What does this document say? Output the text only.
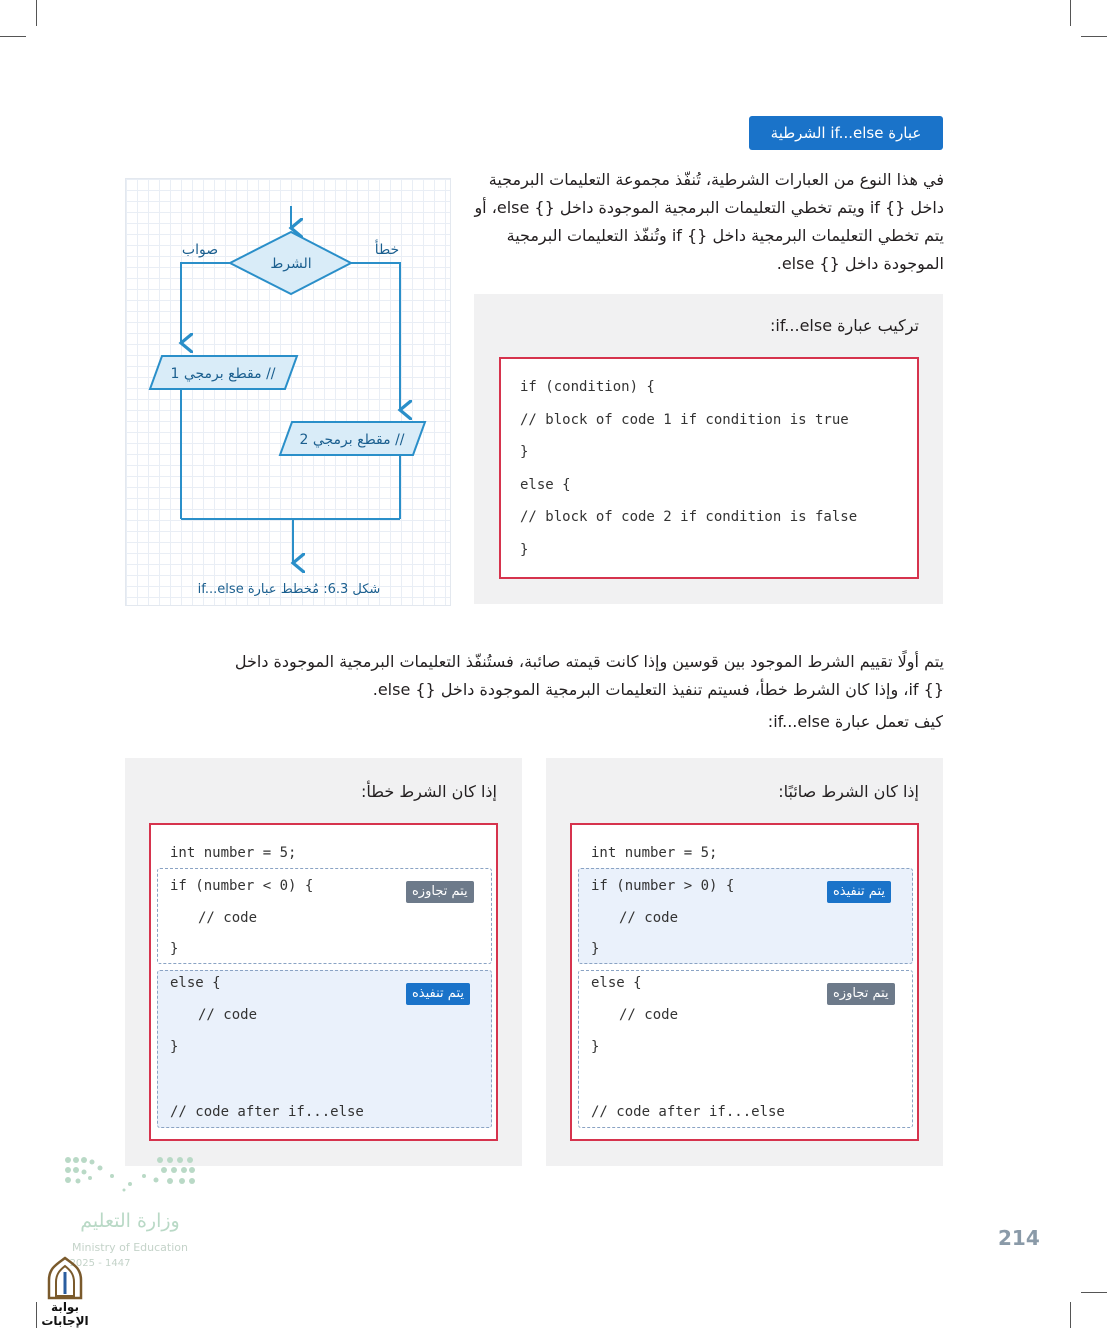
عبارة if...else الشرطية
في هذا النوع من العبارات الشرطية، تُنفّذ مجموعة التعليمات البرمجية
داخل {} if ويتم تخطي التعليمات البرمجية الموجودة داخل {} else، أو
يتم تخطي التعليمات البرمجية داخل {} if وتُنفّذ التعليمات البرمجية
الموجودة داخل {} else.
الشرط
صواب	خطأ
// مقطع برمجي 1
// مقطع برمجي 2
شكل 6.3: مُخطط عبارة if...else
تركيب عبارة if...else:
if (condition) {
// block of code 1 if condition is true
}
else {
// block of code 2 if condition is false
}
يتم أولًا تقييم الشرط الموجود بين قوسين وإذا كانت قيمته صائبة، فستُنفّذ التعليمات البرمجية الموجودة داخل
{} if، وإذا كان الشرط خطأ، فسيتم تنفيذ التعليمات البرمجية الموجودة داخل {} else.
كيف تعمل عبارة if...else:
إذا كان الشرط صائبًا:
int number = 5;
if (number > 0) {
// code
}
يتم تنفيذه
else {
// code
}
يتم تجاوزه
// code after if...else
إذا كان الشرط خطأ:
int number = 5;
if (number < 0) {
// code
}
يتم تجاوزه
else {
// code
}
يتم تنفيذه
// code after if...else
وزارة التعليم
Ministry of Education
2025 - 1447
بوابة الإجابات
214
